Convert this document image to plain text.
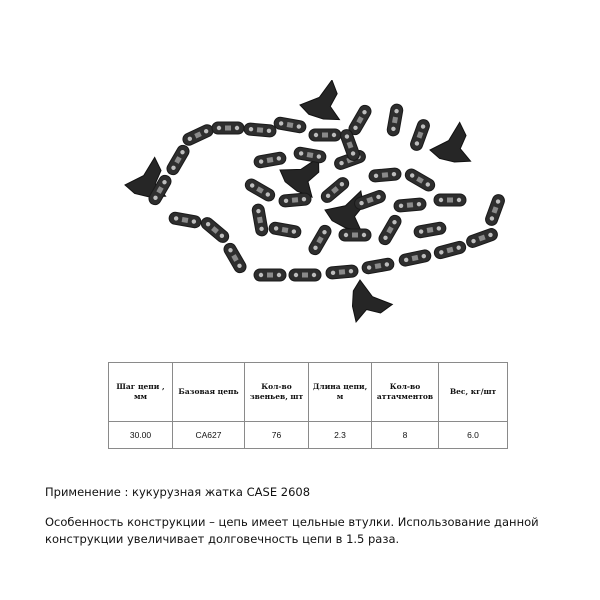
Шаг цепи , мм	Базовая цепь	Кол-во звеньев, шт	Длина цепи, м	Кол-во аттачментов	Вес, кг/шт
30.00	CA627	76	2.3	8	6.0
Применение : кукурузная жатка CASE 2608
Особенность конструкции – цепь имеет цельные втулки. Использование данной конструкции увеличивает долговечность цепи в 1.5 раза.
